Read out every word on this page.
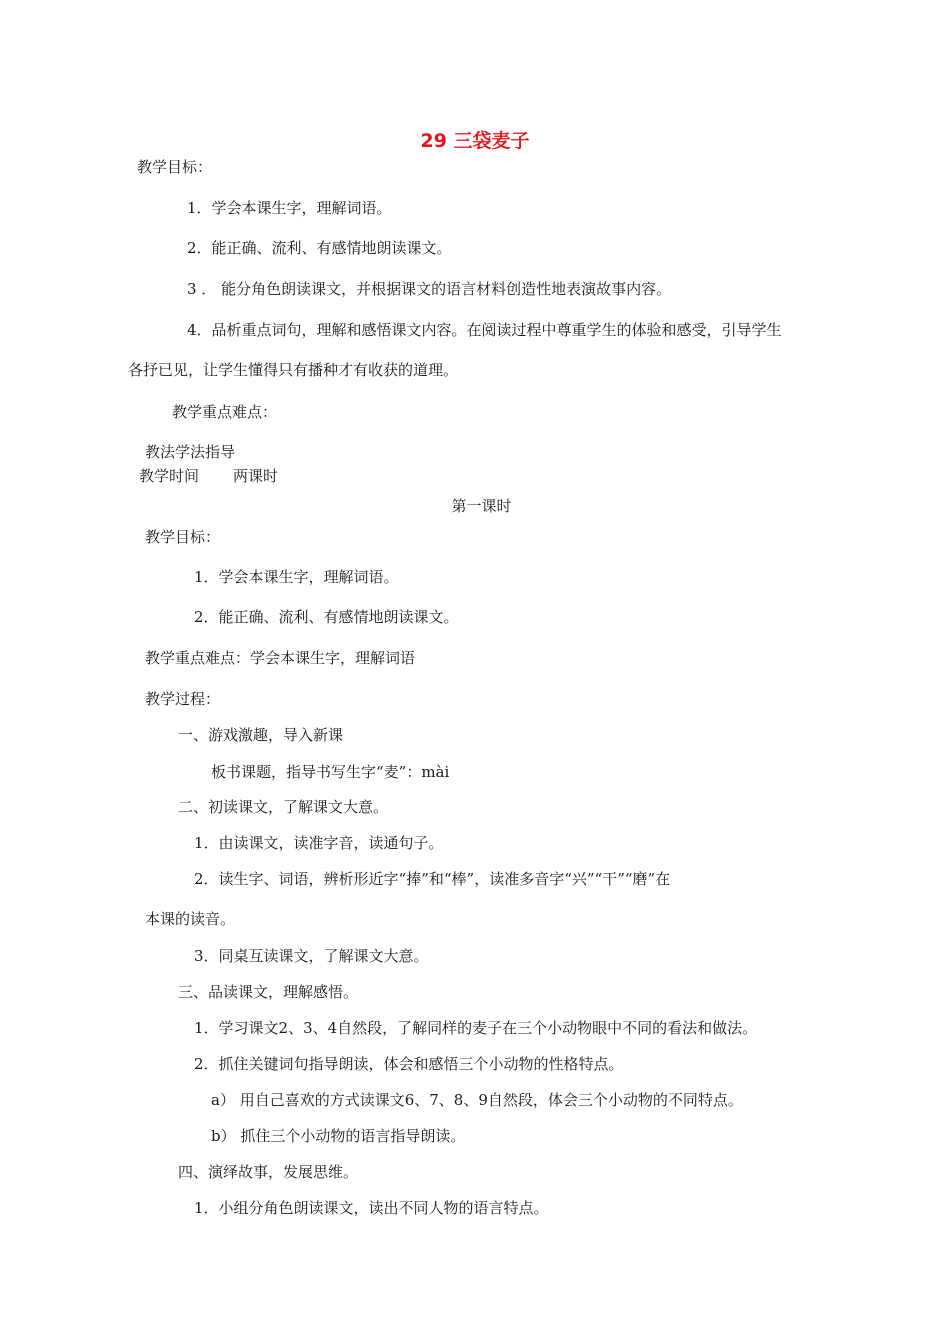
29 三袋麦子
教学目标：
1．学会本课生字，理解词语。
2．能正确、流利、有感情地朗读课文。
3 ． 能分角色朗读课文，并根据课文的语言材料创造性地表演故事内容。
4．品析重点词句，理解和感悟课文内容。在阅读过程中尊重学生的体验和感受，引导学生
各抒已见，让学生懂得只有播种才有收获的道理。
教学重点难点：
教法学法指导
教学时间 两课时
第一课时
教学目标：
1．学会本课生字，理解词语。
2．能正确、流利、有感情地朗读课文。
教学重点难点：学会本课生字，理解词语
教学过程：
一、游戏激趣，导入新课
板书课题，指导书写生字“麦”：mài
二、初读课文，了解课文大意。
1．由读课文，读准字音，读通句子。
2．读生字、词语，辨析形近字“捧”和“棒”，读准多音字“兴”“干”“磨”在
本课的读音。
3．同桌互读课文，了解课文大意。
三、品读课文，理解感悟。
1．学习课文2、3、4自然段，了解同样的麦子在三个小动物眼中不同的看法和做法。
2．抓住关键词句指导朗读，体会和感悟三个小动物的性格特点。
a） 用自己喜欢的方式读课文6、7、8、9自然段，体会三个小动物的不同特点。
b） 抓住三个小动物的语言指导朗读。
四、演绎故事，发展思维。
1．小组分角色朗读课文，读出不同人物的语言特点。
